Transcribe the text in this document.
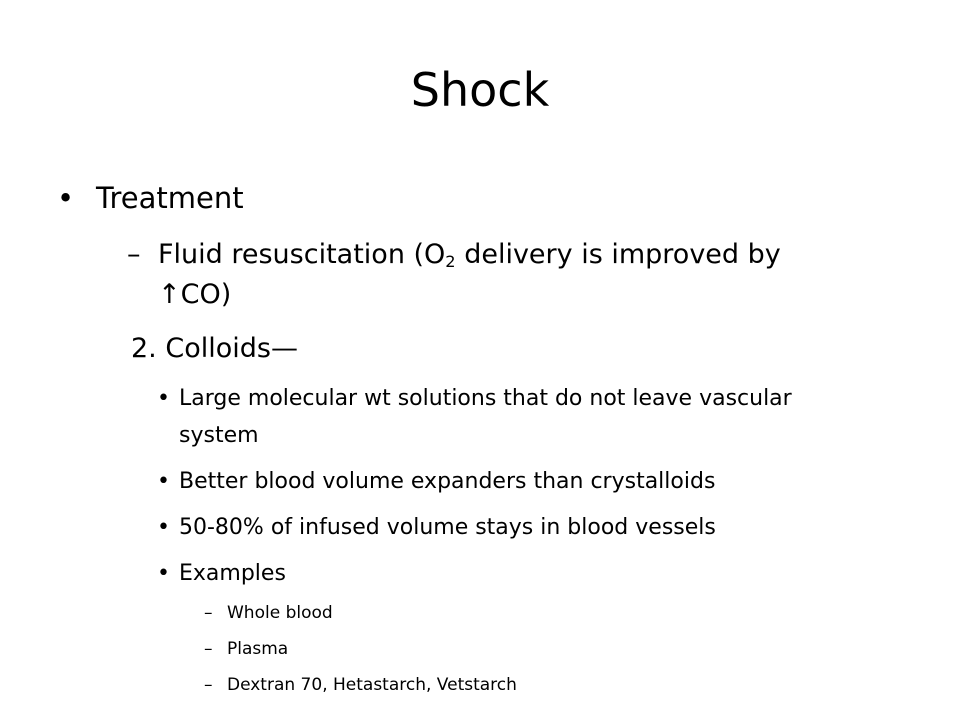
Shock
• Treatment

– Fluid resuscitation ($O_2$ delivery is improved by

↑CO)

2. Colloids—

• Large molecular wt solutions that do not leave vascular

system

• Better blood volume expanders than crystalloids

• 50-80% of infused volume stays in blood vessels

• Examples

– Whole blood

– Plasma

– Dextran 70, Hetastarch, Vetstarch
